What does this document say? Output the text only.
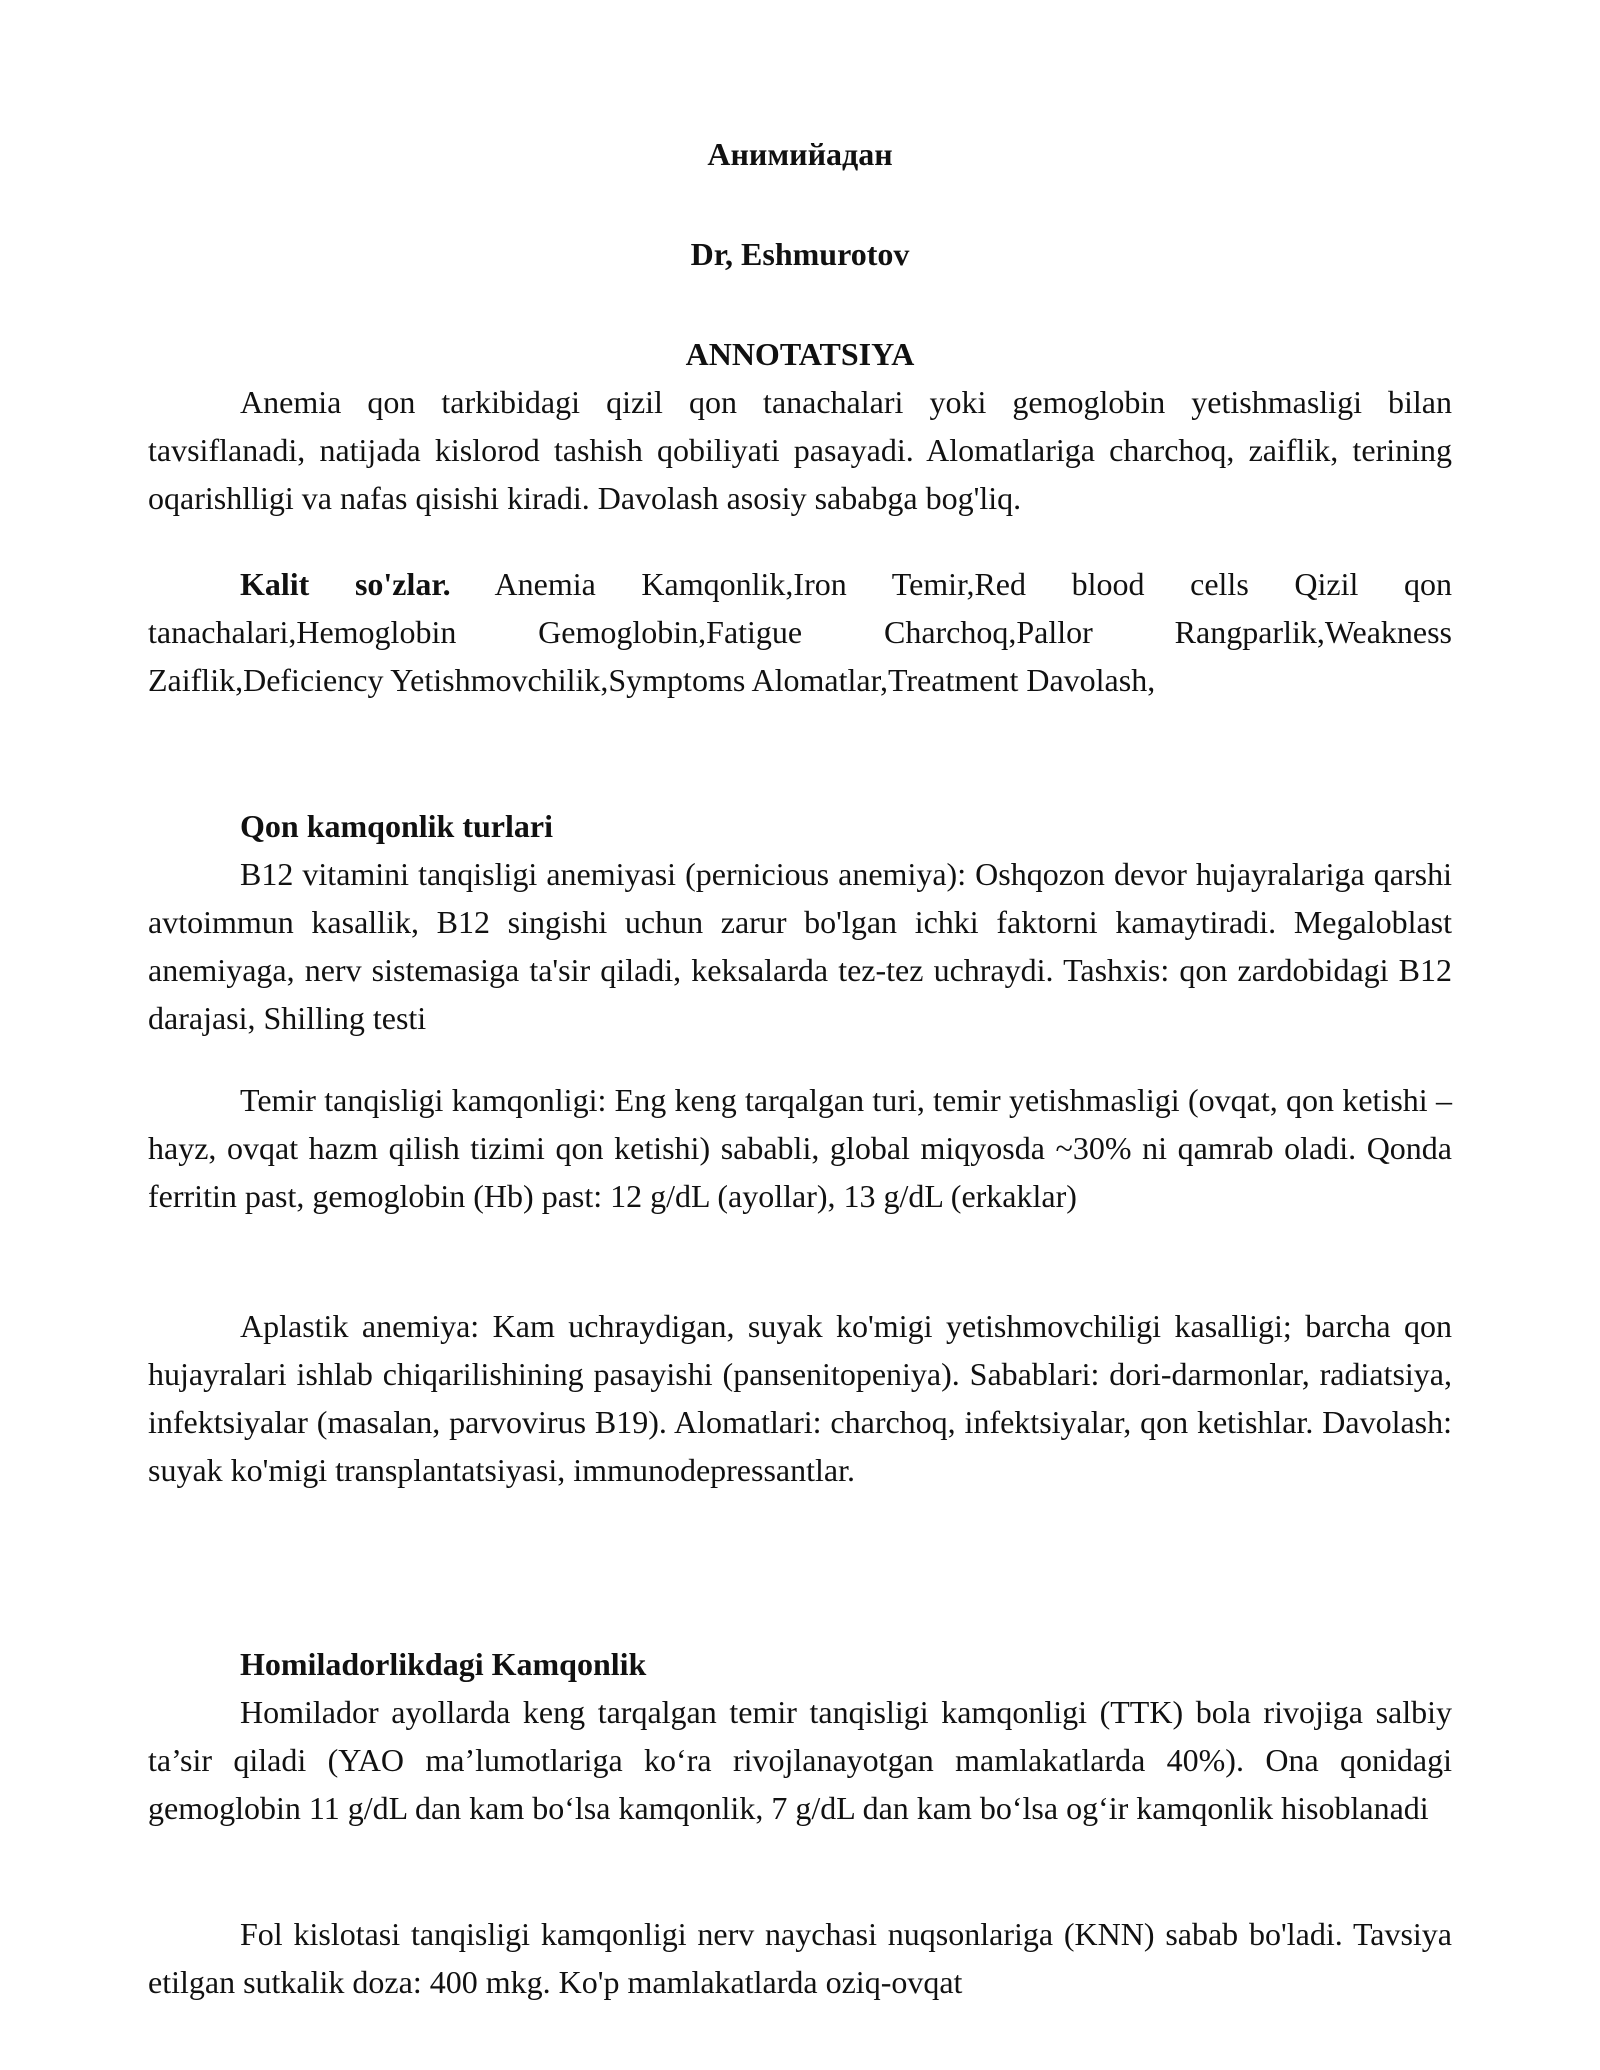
Анимийадан
Dr, Eshmurotov
ANNOTATSIYA

Anemia qon tarkibidagi qizil qon tanachalari yoki gemoglobin yetishmasligi bilan tavsiflanadi, natijada kislorod tashish qobiliyati pasayadi. Alomatlariga charchoq, zaiflik, terining oqarishlligi va nafas qisishi kiradi. Davolash asosiy sababga bog'liq.

Kalit so'zlar. Anemia Kamqonlik,Iron Temir,Red blood cells Qizil qon tanachalari,Hemoglobin Gemoglobin,Fatigue Charchoq,Pallor Rangparlik,Weakness Zaiflik,Deficiency Yetishmovchilik,Symptoms Alomatlar,Treatment Davolash,

Qon kamqonlik turlari

B12 vitamini tanqisligi anemiyasi (pernicious anemiya): Oshqozon devor hujayralariga qarshi avtoimmun kasallik, B12 singishi uchun zarur bo'lgan ichki faktorni kamaytiradi. Megaloblast anemiyaga, nerv sistemasiga ta'sir qiladi, keksalarda tez-tez uchraydi. Tashxis: qon zardobidagi B12 darajasi, Shilling testi

Temir tanqisligi kamqonligi: Eng keng tarqalgan turi, temir yetishmasligi (ovqat, qon ketishi – hayz, ovqat hazm qilish tizimi qon ketishi) sababli, global miqyosda ~30% ni qamrab oladi. Qonda ferritin past, gemoglobin (Hb) past: 12 g/dL (ayollar), 13 g/dL (erkaklar)

Aplastik anemiya: Kam uchraydigan, suyak ko'migi yetishmovchiligi kasalligi; barcha qon hujayralari ishlab chiqarilishining pasayishi (pansenitopeniya). Sabablari: dori-darmonlar, radiatsiya, infektsiyalar (masalan, parvovirus B19). Alomatlari: charchoq, infektsiyalar, qon ketishlar. Davolash: suyak ko'migi transplantatsiyasi, immunodepressantlar.

Homiladorlikdagi Kamqonlik

Homilador ayollarda keng tarqalgan temir tanqisligi kamqonligi (TTK) bola rivojiga salbiy ta’sir qiladi (YAO ma’lumotlariga ko‘ra rivojlanayotgan mamlakatlarda 40%). Ona qonidagi gemoglobin 11 g/dL dan kam bo‘lsa kamqonlik, 7 g/dL dan kam bo‘lsa og‘ir kamqonlik hisoblanadi

Fol kislotasi tanqisligi kamqonligi nerv naychasi nuqsonlariga (KNN) sabab bo'ladi. Tavsiya etilgan sutkalik doza: 400 mkg. Ko'p mamlakatlarda oziq-ovqat
